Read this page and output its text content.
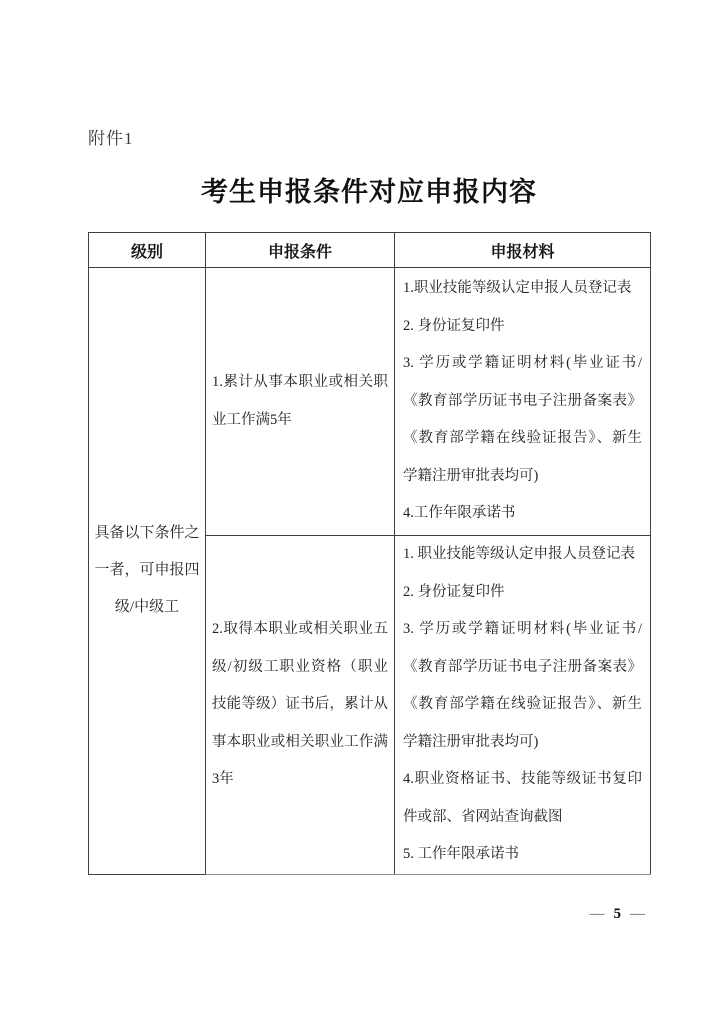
附件1
考生申报条件对应申报内容
级别	申报条件	申报材料
具备以下条件之一者，可申报四级/中级工	1.累计从事本职业或相关职业工作满5年	1.职业技能等级认定申报人员登记表

2. 身份证复印件

3. 学历或学籍证明材料(毕业证书/《教育部学历证书电子注册备案表》《教育部学籍在线验证报告》、新生学籍注册审批表均可)

4.工作年限承诺书

	2.取得本职业或相关职业五级/初级工职业资格（职业技能等级）证书后，累计从事本职业或相关职业工作满3年	1. 职业技能等级认定申报人员登记表

2. 身份证复印件

3. 学历或学籍证明材料(毕业证书/《教育部学历证书电子注册备案表》《教育部学籍在线验证报告》、新生学籍注册审批表均可)

4.职业资格证书、技能等级证书复印件或部、省网站查询截图

5. 工作年限承诺书

— 5 —
